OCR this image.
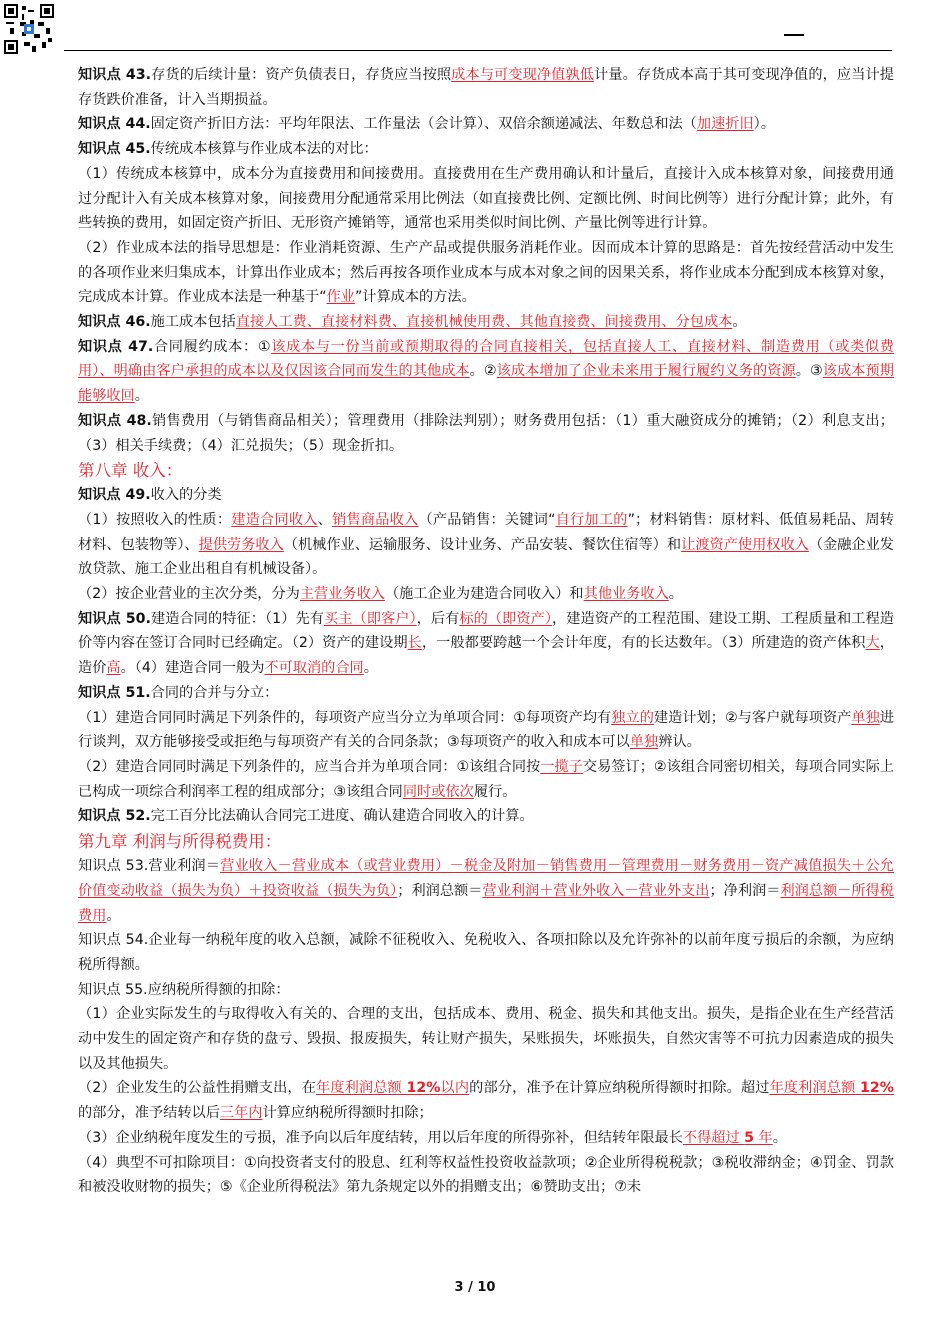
知识点 43.存货的后续计量：资产负债表日，存货应当按照成本与可变现净值孰低计量。存货成本高于其可变现净值的，应当计提存货跌价准备，计入当期损益。

知识点 44.固定资产折旧方法：平均年限法、工作量法（会计算）、双倍余额递减法、年数总和法（加速折旧）。

知识点 45.传统成本核算与作业成本法的对比：

（1）传统成本核算中，成本分为直接费用和间接费用。直接费用在生产费用确认和计量后，直接计入成本核算对象，间接费用通过分配计入有关成本核算对象，间接费用分配通常采用比例法（如直接费比例、定额比例、时间比例等）进行分配计算；此外，有些转换的费用，如固定资产折旧、无形资产摊销等，通常也采用类似时间比例、产量比例等进行计算。

（2）作业成本法的指导思想是：作业消耗资源、生产产品或提供服务消耗作业。因而成本计算的思路是：首先按经营活动中发生的各项作业来归集成本，计算出作业成本；然后再按各项作业成本与成本对象之间的因果关系，将作业成本分配到成本核算对象，完成成本计算。作业成本法是一种基于“作业”计算成本的方法。

知识点 46.施工成本包括直接人工费、直接材料费、直接机械使用费、其他直接费、间接费用、分包成本。

知识点 47.合同履约成本：①该成本与一份当前或预期取得的合同直接相关，包括直接人工、直接材料、制造费用（或类似费用）、明确由客户承担的成本以及仅因该合同而发生的其他成本。②该成本增加了企业未来用于履行履约义务的资源。③该成本预期能够收回。

知识点 48.销售费用（与销售商品相关）；管理费用（排除法判别）；财务费用包括：（1）重大融资成分的摊销；（2）利息支出；（3）相关手续费；（4）汇兑损失；（5）现金折扣。

第八章 收入：

知识点 49.收入的分类

（1）按照收入的性质：建造合同收入、销售商品收入（产品销售：关键词“自行加工的”；材料销售：原材料、低值易耗品、周转材料、包装物等）、提供劳务收入（机械作业、运输服务、设计业务、产品安装、餐饮住宿等）和让渡资产使用权收入（金融企业发放贷款、施工企业出租自有机械设备）。

（2）按企业营业的主次分类，分为主营业务收入（施工企业为建造合同收入）和其他业务收入。

知识点 50.建造合同的特征：（1）先有买主（即客户），后有标的（即资产），建造资产的工程范围、建设工期、工程质量和工程造价等内容在签订合同时已经确定。（2）资产的建设期长，一般都要跨越一个会计年度，有的长达数年。（3）所建造的资产体积大，造价高。（4）建造合同一般为不可取消的合同。

知识点 51.合同的合并与分立：

（1）建造合同同时满足下列条件的，每项资产应当分立为单项合同：①每项资产均有独立的建造计划；②与客户就每项资产单独进行谈判，双方能够接受或拒绝与每项资产有关的合同条款；③每项资产的收入和成本可以单独辨认。

（2）建造合同同时满足下列条件的，应当合并为单项合同：①该组合同按一揽子交易签订；②该组合同密切相关，每项合同实际上已构成一项综合利润率工程的组成部分；③该组合同同时或依次履行。

知识点 52.完工百分比法确认合同完工进度、确认建造合同收入的计算。

第九章 利润与所得税费用：

知识点 53.营业利润＝营业收入－营业成本（或营业费用）－税金及附加－销售费用－管理费用－财务费用－资产减值损失＋公允价值变动收益（损失为负）＋投资收益（损失为负）；利润总额＝营业利润＋营业外收入－营业外支出；净利润＝利润总额－所得税费用。

知识点 54.企业每一纳税年度的收入总额，减除不征税收入、免税收入、各项扣除以及允许弥补的以前年度亏损后的余额，为应纳税所得额。

知识点 55.应纳税所得额的扣除：

（1）企业实际发生的与取得收入有关的、合理的支出，包括成本、费用、税金、损失和其他支出。损失，是指企业在生产经营活动中发生的固定资产和存货的盘亏、毁损、报废损失，转让财产损失，呆账损失，坏账损失，自然灾害等不可抗力因素造成的损失以及其他损失。

（2）企业发生的公益性捐赠支出，在年度利润总额 12%以内的部分，准予在计算应纳税所得额时扣除。超过年度利润总额 12%的部分，准予结转以后三年内计算应纳税所得额时扣除；

（3）企业纳税年度发生的亏损，准予向以后年度结转，用以后年度的所得弥补，但结转年限最长不得超过 5 年。

（4）典型不可扣除项目：①向投资者支付的股息、红利等权益性投资收益款项；②企业所得税税款；③税收滞纳金；④罚金、罚款和被没收财物的损失；⑤《企业所得税法》第九条规定以外的捐赠支出；⑥赞助支出；⑦未

3 / 10
